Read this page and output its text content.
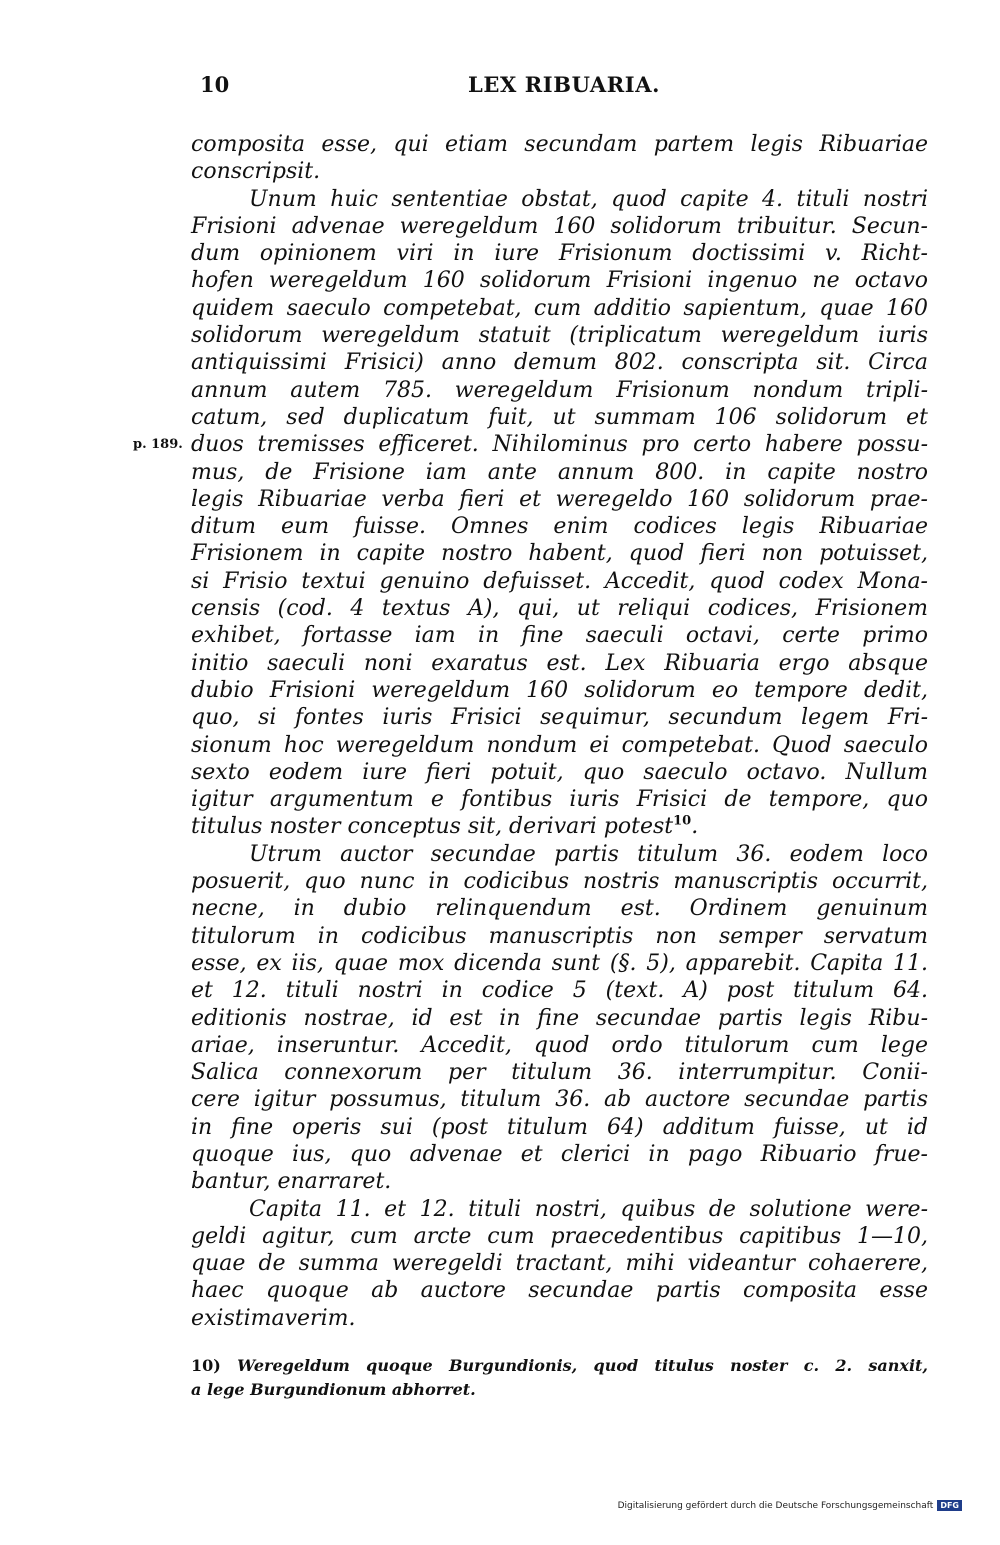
10	LEX RIBUARIA.
composita esse, qui etiam secundam partem legis Ribuariae
conscripsit.
Unum huic sententiae obstat, quod capite 4. tituli nostri
Frisioni advenae weregeldum 160 solidorum tribuitur. Secun-
dum opinionem viri in iure Frisionum doctissimi v. Richt-
hofen weregeldum 160 solidorum Frisioni ingenuo ne octavo
quidem saeculo competebat, cum additio sapientum, quae 160
solidorum weregeldum statuit (triplicatum weregeldum iuris
antiquissimi Frisici) anno demum 802. conscripta sit. Circa
annum autem 785. weregeldum Frisionum nondum tripli-
catum, sed duplicatum fuit, ut summam 106 solidorum et
duos tremisses efficeret. Nihilominus pro certo habere possu-
p. 189.
mus, de Frisione iam ante annum 800. in capite nostro
legis Ribuariae verba fieri et weregeldo 160 solidorum prae-
ditum eum fuisse. Omnes enim codices legis Ribuariae
Frisionem in capite nostro habent, quod fieri non potuisset,
si Frisio textui genuino defuisset. Accedit, quod codex Mona-
censis (cod. 4 textus A), qui, ut reliqui codices, Frisionem
exhibet, fortasse iam in fine saeculi octavi, certe primo
initio saeculi noni exaratus est. Lex Ribuaria ergo absque
dubio Frisioni weregeldum 160 solidorum eo tempore dedit,
quo, si fontes iuris Frisici sequimur, secundum legem Fri-
sionum hoc weregeldum nondum ei competebat. Quod saeculo
sexto eodem iure fieri potuit, quo saeculo octavo. Nullum
igitur argumentum e fontibus iuris Frisici de tempore, quo
titulus noster conceptus sit, derivari potest$^{10}$.
Utrum auctor secundae partis titulum 36. eodem loco
posuerit, quo nunc in codicibus nostris manuscriptis occurrit,
necne, in dubio relinquendum est. Ordinem genuinum
titulorum in codicibus manuscriptis non semper servatum
esse, ex iis, quae mox dicenda sunt (§. 5), apparebit. Capita 11.
et 12. tituli nostri in codice 5 (text. A) post titulum 64.
editionis nostrae, id est in fine secundae partis legis Ribu-
ariae, inseruntur. Accedit, quod ordo titulorum cum lege
Salica connexorum per titulum 36. interrumpitur. Conii-
cere igitur possumus, titulum 36. ab auctore secundae partis
in fine operis sui (post titulum 64) additum fuisse, ut id
quoque ius, quo advenae et clerici in pago Ribuario frue-
bantur, enarraret.
Capita 11. et 12. tituli nostri, quibus de solutione were-
geldi agitur, cum arcte cum praecedentibus capitibus 1—10,
quae de summa weregeldi tractant, mihi videantur cohaerere,
haec quoque ab auctore secundae partis composita esse
existimaverim.
10) Weregeldum quoque Burgundionis, quod titulus noster c. 2. sanxit,
a lege Burgundionum abhorret.
Digitalisierung gefördert durch die Deutsche Forschungsgemeinschaft DFG
